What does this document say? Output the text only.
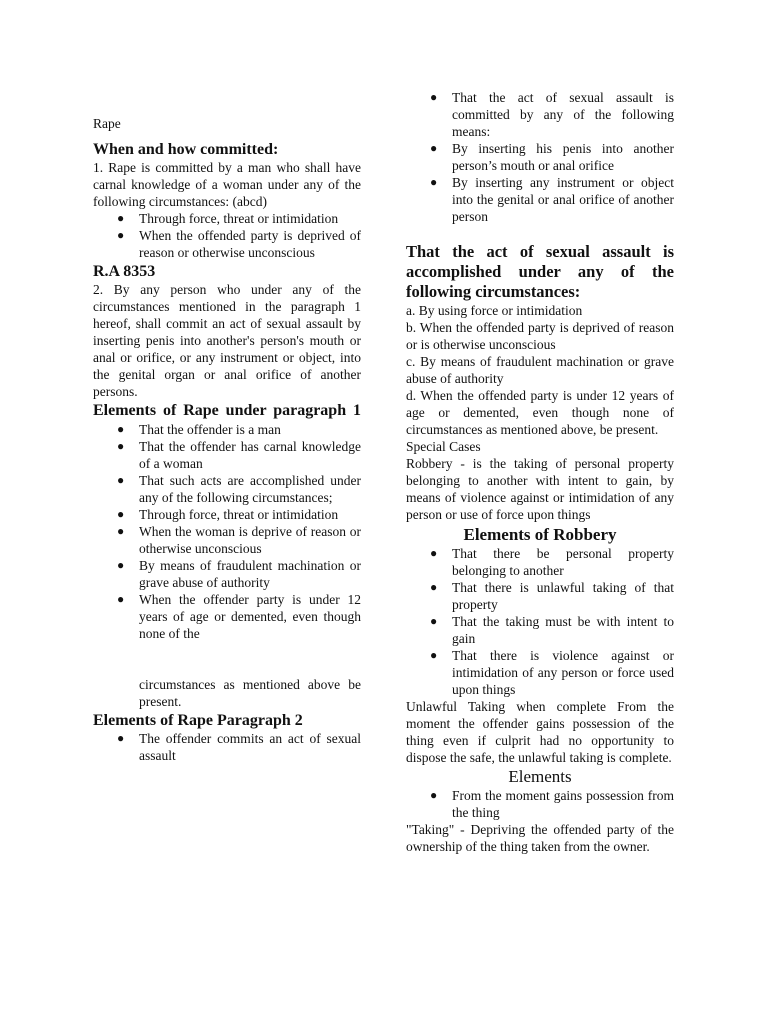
Rape

When and how committed:

1. Rape is committed by a man who shall have carnal knowledge of a woman under any of the following circumstances: (abcd)

● Through force, threat or intimidation
● When the offended party is deprived of reason or otherwise unconscious

R.A 8353

2. By any person who under any of the circumstances mentioned in the paragraph 1 hereof, shall commit an act of sexual assault by inserting penis into another's person's mouth or anal or orifice, or any instrument or object, into the genital organ or anal orifice of another persons.

Elements of Rape under paragraph 1

● That the offender is a man
● That the offender has carnal knowledge of a woman
● That such acts are accomplished under any of the following circumstances;
● Through force, threat or intimidation
● When the woman is deprive of reason or otherwise unconscious
● By means of fraudulent machination or grave abuse of authority
● When the offender party is under 12 years of age or demented, even though none of the
circumstances as mentioned above be present.

Elements of Rape Paragraph 2

● The offender commits an act of sexual assault
● That the act of sexual assault is committed by any of the following means:
● By inserting his penis into another person’s mouth or anal orifice
● By inserting any instrument or object into the genital or anal orifice of another person

That the act of sexual assault is accomplished under any of the following circumstances:

a. By using force or intimidation

b. When the offended party is deprived of reason or is otherwise unconscious

c. By means of fraudulent machination or grave abuse of authority

d. When the offended party is under 12 years of age or demented, even though none of circumstances as mentioned above, be present.

Special Cases

Robbery - is the taking of personal property belonging to another with intent to gain, by means of violence against or intimidation of any person or use of force upon things

Elements of Robbery

● That there be personal property belonging to another
● That there is unlawful taking of that property
● That the taking must be with intent to gain
● That there is violence against or intimidation of any person or force used upon things

Unlawful Taking when complete From the moment the offender gains possession of the thing even if culprit had no opportunity to dispose the safe, the unlawful taking is complete.

Elements

● From the moment gains possession from the thing

"Taking" - Depriving the offended party of the ownership of the thing taken from the owner.
